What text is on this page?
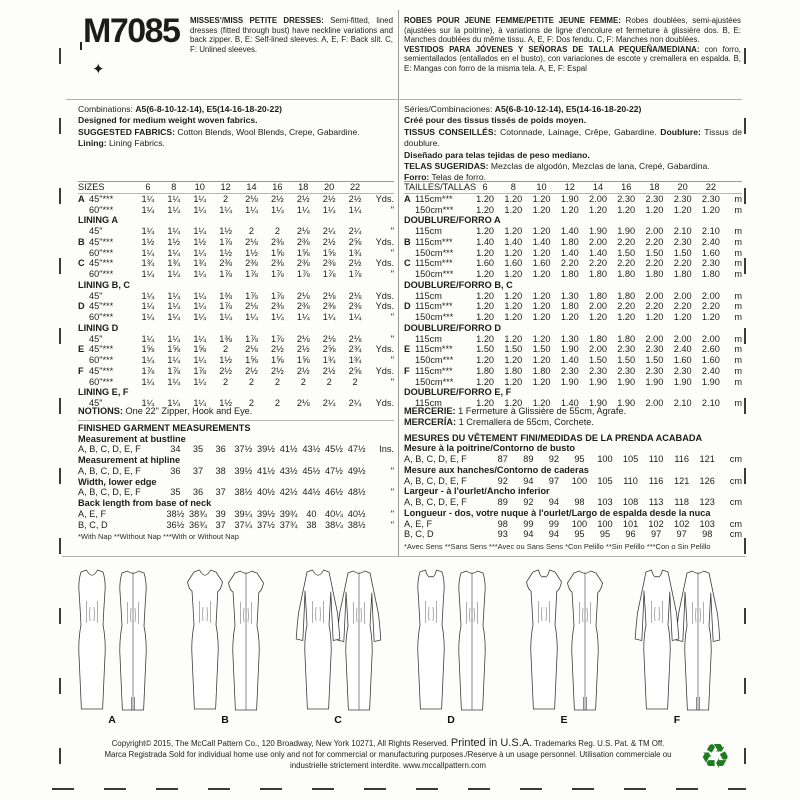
M7085
✦
MISSES'/MISS PETITE DRESSES: Semi-fitted, lined dresses (fitted through bust) have neckline variations and back zipper. B, E: Self-lined sleeves. A, E, F: Back slit. C, F: Unlined sleeves.
ROBES POUR JEUNE FEMME/PETITE JEUNE FEMME: Robes doublées, semi-ajustées (ajustées sur la poitrine), à variations de ligne d'encolure et fermeture à glissière dos. B, E: Manches doublées du même tissu. A, E, F: Dos fendu. C, F: Manches non doublées.
VESTIDOS PARA JÓVENES Y SEÑORAS DE TALLA PEQUEÑA/MEDIANA: con forro, semientallados (entallados en el busto), con variaciones de escote y cremallera en espalda. B, E: Mangas con forro de la misma tela. A, E, F: Espal
Combinations: A5(6-8-10-12-14), E5(14-16-18-20-22)
Designed for medium weight woven fabrics.
SUGGESTED FABRICS: Cotton Blends, Wool Blends, Crepe, Gabardine.
Lining: Lining Fabrics.
Séries/Combinaciones: A5(6-8-10-12-14), E5(14-16-18-20-22)
Créé pour des tissus tissés de poids moyen.
TISSUS CONSEILLÉS: Cotonnade, Lainage, Crêpe, Gabardine. Doublure: Tissus de doublure.
Diseñado para telas tejidas de peso mediano.
TELAS SUGERIDAS: Mezclas de algodón, Mezclas de lana, Crepé, Gabardina.
Forro: Telas de forro.
SIZES	6	8	10	12	14	16	18	20	22
A 45"***	1¼	1¼	1¼	2	2⅛	2½	2½	2½	2½	Yds.
60"***	1¼	1¼	1¼	1¼	1¼	1¼	1¼	1¼	1¼	"
LINING A
45"	1¼	1¼	1¼	1½	2	2	2⅛	2¼	2¼	"
B 45"***	1½	1½	1½	1⅞	2⅛	2⅜	2⅜	2½	2⅝	Yds.
60"***	1¼	1¼	1¼	1½	1½	1⅝	1⅝	1⅝	1¾	"
C 45"***	1¾	1¾	1¾	2⅜	2⅜	2⅜	2⅜	2⅜	2½	Yds.
60"***	1¼	1¼	1¼	1⅞	1⅞	1⅞	1⅞	1⅞	1⅞	"
LINING B, C
45"	1¼	1¼	1¼	1⅜	1⅞	1⅞	2⅛	2⅛	2⅛	Yds.
D 45"***	1¼	1¼	1¼	1⅞	2⅛	2⅜	2⅜	2⅜	2⅜	Yds.
60"***	1¼	1¼	1¼	1¼	1¼	1¼	1¼	1¼	1¼	"
LINING D
45"	1¼	1¼	1¼	1⅜	1⅞	1⅞	2⅛	2⅛	2⅛	"
E 45"***	1⅝	1⅝	1⅝	2	2⅛	2½	2½	2⅝	2¾	Yds.
60"***	1¼	1¼	1¼	1½	1⅝	1⅝	1⅝	1¾	1¾	"
F 45"***	1⅞	1⅞	1⅞	2½	2½	2½	2½	2½	2⅝	Yds.
60"***	1¼	1¼	1¼	2	2	2	2	2	2	"
LINING E, F
45"	1¼	1¼	1¼	1½	2	2	2⅛	2¼	2¼	Yds.
TAILLES/TALLAS 6	8	10	12	14	16	18	20	22
A 115cm***	1.20	1.20	1.20	1.90	2.00	2.30	2.30	2.30	2.30	m
150cm***	1.20	1.20	1.20	1.20	1.20	1.20	1.20	1.20	1.20	m
DOUBLURE/FORRO A
115cm	1.20	1.20	1.20	1.40	1.90	1.90	2.00	2.10	2.10	m
B 115cm***	1.40	1.40	1.40	1.80	2.00	2.20	2.20	2.30	2.40	m
150cm***	1.20	1.20	1.20	1.40	1.40	1.50	1.50	1.50	1.60	m
C 115cm***	1.60	1.60	1.60	2.20	2.20	2.20	2.20	2.20	2.30	m
150cm***	1.20	1.20	1.20	1.80	1.80	1.80	1.80	1.80	1.80	m
DOUBLURE/FORRO B, C
115cm	1.20	1.20	1.20	1.30	1.80	1.80	2.00	2.00	2.00	m
D 115cm***	1.20	1.20	1.20	1.80	2.00	2.20	2.20	2.20	2.20	m
150cm***	1.20	1.20	1.20	1.20	1.20	1.20	1.20	1.20	1.20	m
DOUBLURE/FORRO D
115cm	1.20	1.20	1.20	1.30	1.80	1.80	2.00	2.00	2.00	m
E 115cm***	1.50	1.50	1.50	1.90	2.00	2.30	2.30	2.40	2.60	m
150cm***	1.20	1.20	1.20	1.40	1.50	1.50	1.50	1.60	1.60	m
F 115cm***	1.80	1.80	1.80	2.30	2.30	2.30	2.30	2.30	2.40	m
150cm***	1.20	1.20	1.20	1.90	1.90	1.90	1.90	1.90	1.90	m
DOUBLURE/FORRO E, F
115cm	1.20	1.20	1.20	1.40	1.90	1.90	2.00	2.10	2.10	m
NOTIONS: One 22" Zipper, Hook and Eye.
FINISHED GARMENT MEASUREMENTS
Measurement at bustline
A, B, C, D, E, F	34	35	36 37½ 39½ 41½ 43½ 45½ 47½	Ins.
Measurement at hipline
A, B, C, D, E, F	36	37	38 39½ 41½ 43½ 45½ 47½ 49½	"
Width, lower edge
A, B, C, D, E, F	35	36	37 38½ 40½ 42½ 44½ 46½ 48½	"
Back length from base of neck
A, E, F	38½ 38¾ 39 39¼ 39½ 39¾ 40 40¼ 40½	"
B, C, D	36½ 36¾ 37 37¼ 37½ 37¾ 38 38¼ 38½	"
*With Nap **Without Nap ***With or Without Nap
MERCERIE: 1 Fermeture à Glissière de 55cm, Agrafe.
MERCERÍA: 1 Cremallera de 55cm, Corchete.
MESURES DU VÊTEMENT FINI/MEDIDAS DE LA PRENDA ACABADA
Mesure à la poitrine/Contorno de busto
A, B, C, D, E, F	87	89	92	95	100	105	110	116	121	cm
Mesure aux hanches/Contorno de caderas
A, B, C, D, E, F	92	94	97	100	105	110	116	121	126	cm
Largeur - à l'ourlet/Ancho inferior
A, B, C, D, E, F	89	92	94	98	103	108	113	118	123	cm
Longueur - dos, votre nuque à l'ourlet/Largo de espalda desde la nuca
A, E, F	98	99	99	100	100	101	102	102	103	cm
B, C, D	93	94	94	95	95	96	97	97	98	cm
*Avec Sens **Sans Sens ***Avec ou Sans Sens *Con Pelillo **Sin Pelillo ***Con o Sin Pelillo
A	B	C	D	E	F
Copyright© 2015, The McCall Pattern Co., 120 Broadway, New York 10271, All Rights Reserved. Printed in U.S.A. Trademarks Reg. U.S. Pat. & TM Off.
Marca Registrada Sold for individual home use only and not for commercial or manufacturing purposes./Reserve à un usage personnel. Utilisation commerciale ou
industrielle strictement interdite. www.mccallpattern.com	♻
